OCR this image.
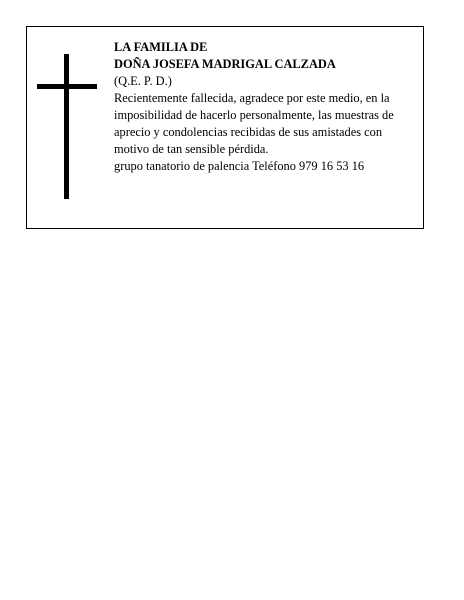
LA FAMILIA DE
DOÑA JOSEFA MADRIGAL CALZADA
(Q.E. P. D.)
Recientemente fallecida, agradece por este medio, en la imposibilidad de hacerlo personalmente, las muestras de aprecio y condolencias recibidas de sus amistades con motivo de tan sensible pérdida.
grupo tanatorio de palencia Teléfono 979 16 53 16
